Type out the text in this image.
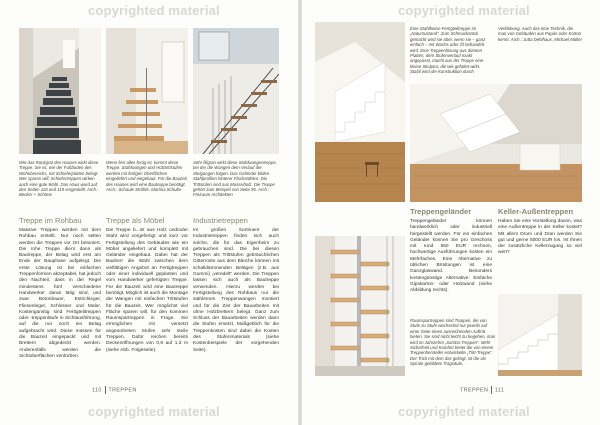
copyrighted material
Wie das Rückgrat des Hauses wirkt diese Treppe. Sie ist, wie der Fußboden des Wohnbereichs, mit Schieferplatten belegt. Wer sparen will: Schiefertreppen wirken auch eine gute Wahl. Das Haus wurd auf den Seiten 118 und 119 vorgestellt. Arch.: Becker + Schöne
Wenn fest alles fertig ist, kommt diese Treppe: Stahlwangen und Holztrittstufen werden mit fertigen Oberflächen eingeliefert und eingebaut. Für die Bauzeit des Hauses wird eine Bautreppe benötigt. Arch.: Schaule Ströhle, Martina Schulte
Sehr filigran wirkt diese Stahlwangentreppe, bei der die Wangen dem Verlauf der Steigungen folgen. Das Geländer bilden Stahlprofilen hinterer Flachstählen. Die Trittstufen sind aus Massivholz. Die Treppe gehört zum Beispiel von Seite 95. Arch.: Freiraum Architekten
Treppe im Rohbau	Treppe als Möbel	Industrietreppen
Massive Treppen werden mit dem Rohbau erstellt. Nur noch selten werden die Treppen vor Ort betoniert. Die rohe Treppe dient dann als Bautreppe, der Belag wird erst am Ende der Bauphase aufgelegt. Die erste Lösung ist bei einfachen Treppenformen akzeptabel, hat jedoch den Nachteil, dass in der Regel mindestens fünf verschiedene Handwerker daran tätig sind, und zwar Betonbauer, Estrichleger, Fliesenleger, Schlosser und Maler. Kostengünstig sind Fertigteiltreppen oder -treppenläufe in Sichtausführung, auf die nur noch ein Belag aufgebracht wird. Diese müssen für die Bauzeit eingepackt und mit Brettern abgedeckt werden. Anderenfalls werden die Sichtoberflächen verdorben.
Die Treppe b...ist aus Holz und/oder Stahl wird vorgefertigt und kurz vor Fertigstellung des Gebäudes wie ein Möbel angeliefert und komplett mit Geländer eingebaut. Dabei hat der Bauherr die Wahl zwischen dem vielfältigen Angebot an Fertigtreppen oder einer individuell geplanten und vom Handwerker gefertigten Treppe. Für die Bauzeit wird eine Bautreppe benötigt. Möglich ist auch die Montage der Wangen mit einfachen Trittstufen für die Bauzeit. Wer möglichst viel Fläche sparen will, für den kommen Raumspartreppen in Frage. Sie ermöglichen mit versetzt angeordneten Stufen sehr steile Treppen. Dafür reichen bereits Deckenöffnungen von 0,8 auf 1,3 m (siehe Abb. Folgeseite).
Im großen Sortiment der Industrietreppen finden sich auch solche, die für das Eigenheim zu gebrauchen sind. Die bei diesen Treppen als Trittstufen gebräuchlichen Gitterroste aus dem Bleiche können mit schalldämmenden Belägen (z.B. aus Gummi) „veredelt“ werden. Die Treppen lassen sich auch als Bautreppe verwenden. Hierzu werden bei Fertigstellung des Rohbaus nur die stählernen Treppenwangen montiert und für die Zeit der Bauarbeiten mit ohne Holzbrettern belegt. Ganz zum Schluss der Bauarbeiten werden dann die Stufen ersetzt. Maßgeblich für die Treppenkosten sind dabei die Kosten des Stufenmaterials (siehe Kostenbeispiele der vorgehenden Seite).
110 TREPPEN
copyrighted material
copyrighted material
Eine Stahlbeton-Fertigteiltreppe im „Naturzustand“. Zum Schmuckstück gemacht wird sie aber, wenn sie – ganz einfach – mit Wachs oder Öl behandelt wird. Eine Treppenlösung aus dünnen Platten, dem Stufenverlauf exakt angepasst, macht aus der Treppe eine kleine Skulptur, die wie gefaltet wirkt. Stabil wird die Konstruktion durch
Verklebung. Auch das eine Technik, die man von Gebäuden aus Papier oder Karton kennt. Arch.: Jutta Dehlhaus, Michael Müller
Treppengeländer	Keller-Außentreppen
Treppengeländer können handwerklich oder industriell hergestellt werden. Für ein einfaches Geländer können Sie pro Geschoss mit rund 650 EUR rechnen, hochwertige Ausführungen kosten ein Mehrfaches. Eine Alternative zu üblichen Brüstungen ist eine Ganzglaswand. Besonders kostengünstige Alternative: Einfache Gipskarton- oder Holzwand (siehe Abbildung rechts).
Haben Sie eine Vorstellung davon, was eine Außentreppe in der Keller kostet? Mit allem Drum und Dran werden Sie gut und gerne 5000 EUR los. Ist Ihnen der zusätzliche Kellerzugang so viel wert?
Raumspartreppen sind Treppen, die von Stufe zu Stufe wechselnd nur jeweils auf einer Seite einen ausreichenden Auftritt bieten. Sie sind nicht leicht zu begehen, man wird im Jahrzehnt „Samba-Treppen“. Mehr Sicherheit und Komfort bietet die von einem Treppenhersteller entwickelte „Tritt-Treppe“. Der Trick mit dem das gelingt, ist die als Spirale gebildete Tragsäule.
TREPPEN 111
copyrighted material
